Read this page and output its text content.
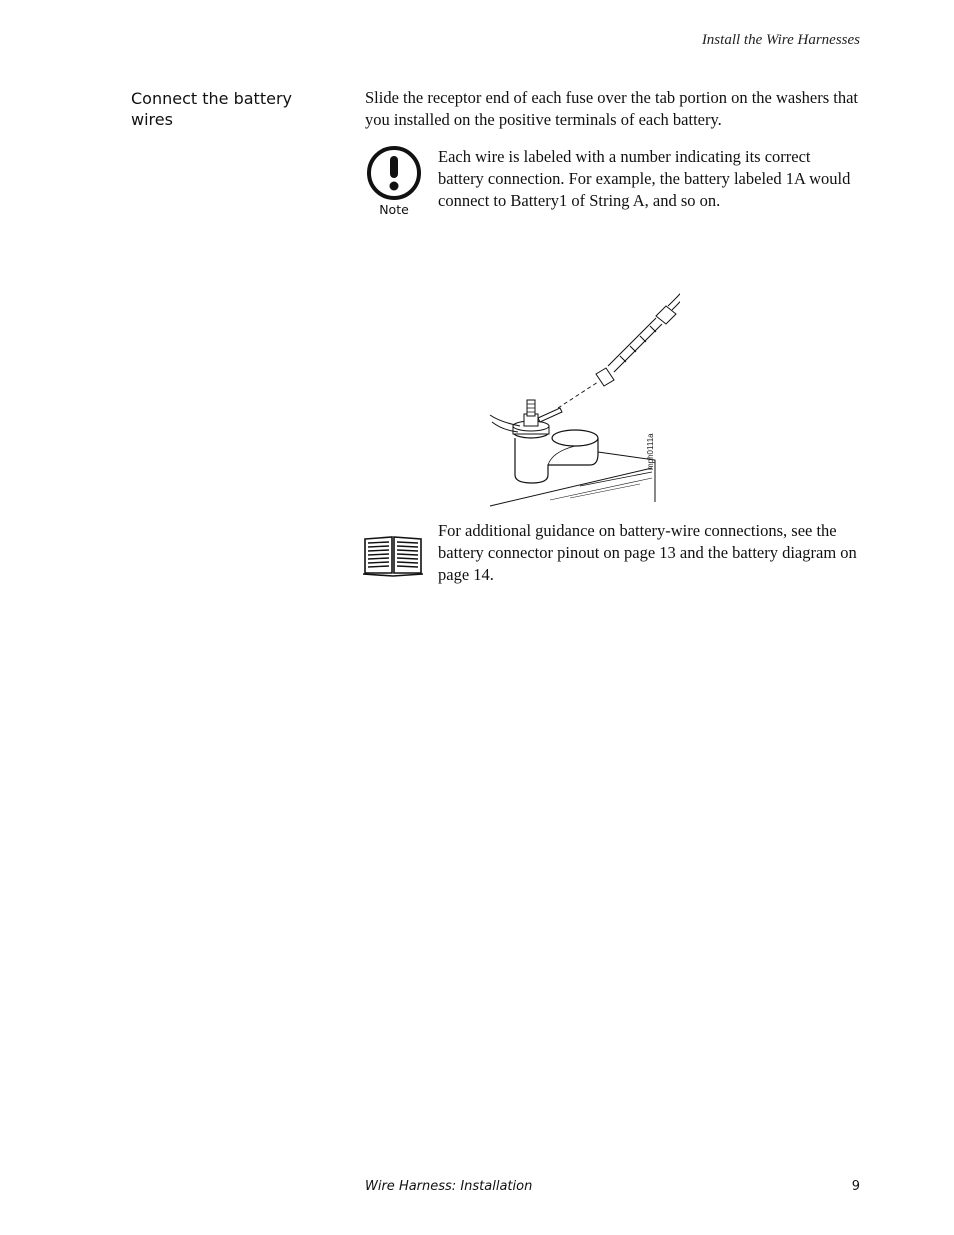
Install the Wire Harnesses
Connect the battery wires

Slide the receptor end of each fuse over the tab portion on the washers that you installed on the positive terminals of each battery.

Note

Each wire is labeled with a number indicating its correct battery connection. For example, the battery labeled 1A would connect to Battery1 of String A, and so on.

mph0111a

For additional guidance on battery-wire connections, see the battery connector pinout on page 13 and the battery diagram on page 14.

Wire Harness: Installation	9
